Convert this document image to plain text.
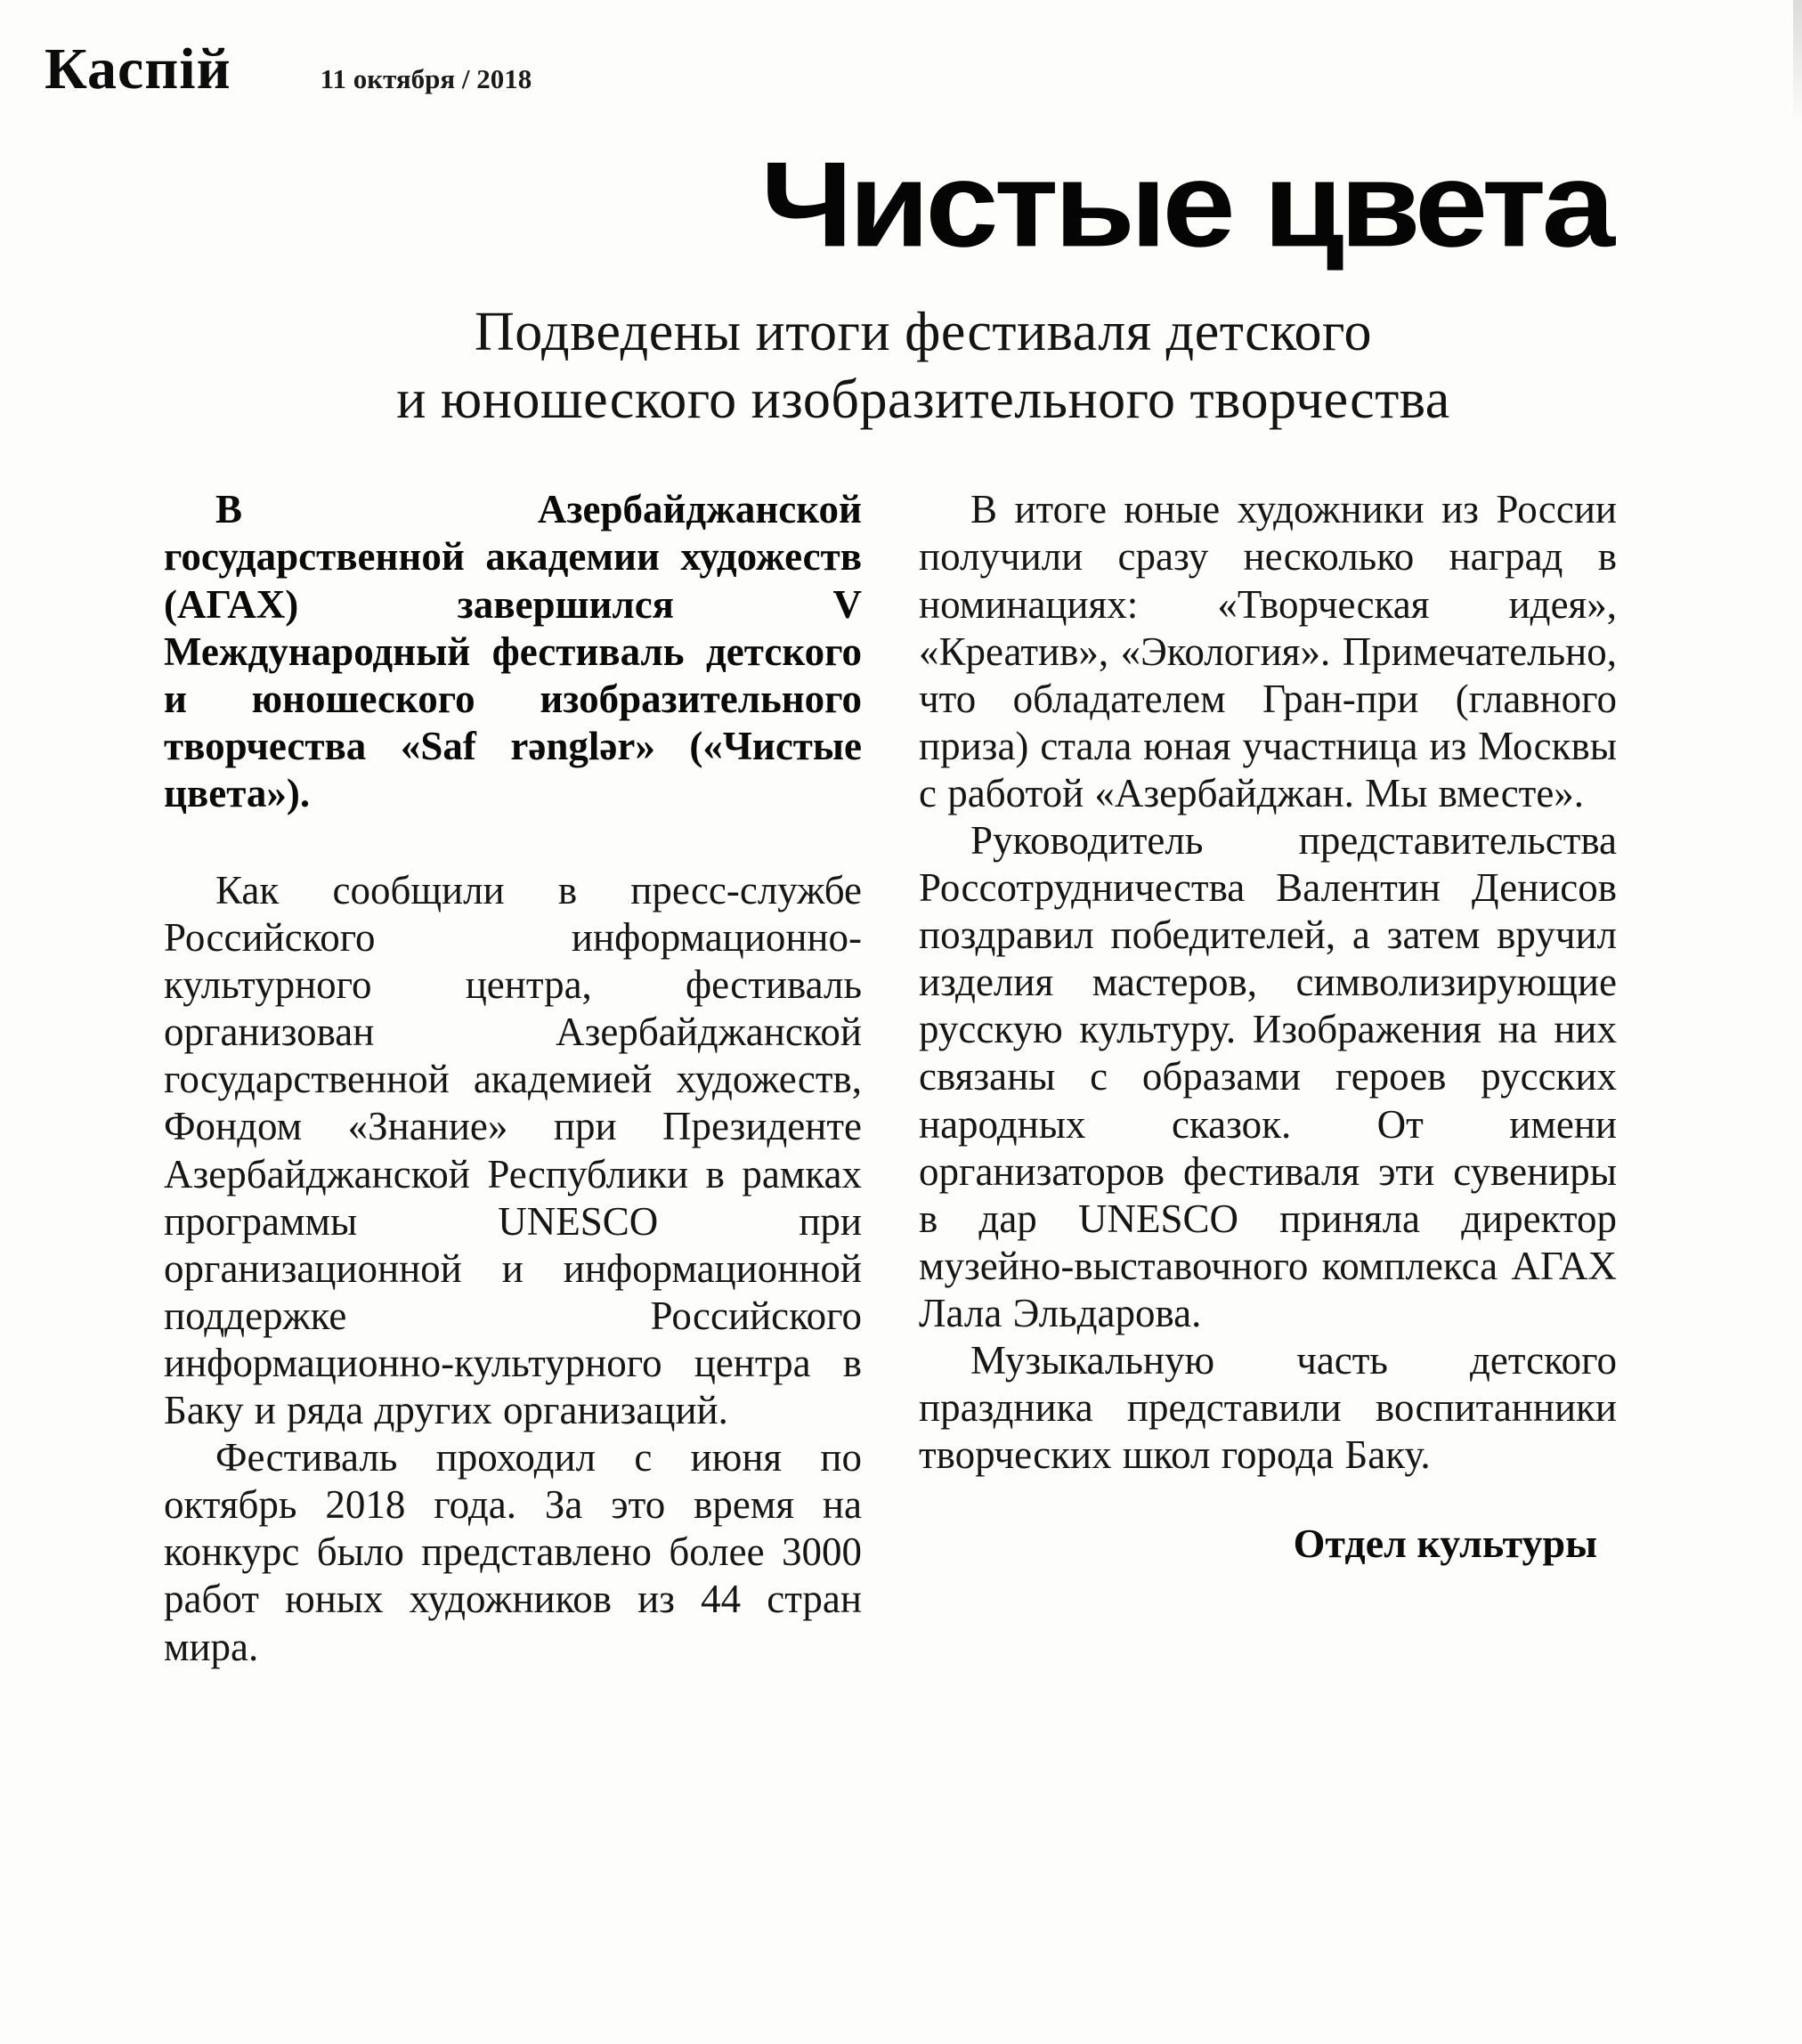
Каспій	11 октября / 2018
Чистые цвета
Подведены итоги фестиваля детского
и юношеского изобразительного творчества

В Азербайджанской государственной академии художеств (АГАХ) завершился V Международный фестиваль детского и юношеского изобразительного творчества «Saf rənglər» («Чистые цвета»).

Как сообщили в пресс-службе Российского информационно-культурного центра, фестиваль организован Азербайджанской государственной академией художеств, Фондом «Знание» при Президенте Азербайджанской Республики в рамках программы UNESCO при организационной и информационной поддержке Российского информационно-культурного центра в Баку и ряда других организаций.

Фестиваль проходил с июня по октябрь 2018 года. За это время на конкурс было представлено более 3000 работ юных художников из 44 стран мира.

В итоге юные художники из России получили сразу несколько наград в номинациях: «Творческая идея», «Креатив», «Экология». Примечательно, что обладателем Гран-при (главного приза) стала юная участница из Москвы с работой «Азербайджан. Мы вместе».

Руководитель представительства Россотрудничества Валентин Денисов поздравил победителей, а затем вручил изделия мастеров, символизирующие русскую культуру. Изображения на них связаны с образами героев русских народных сказок. От имени организаторов фестиваля эти сувениры в дар UNESCO приняла директор музейно-выставочного комплекса АГАХ Лала Эльдарова.

Музыкальную часть детского праздника представили воспитанники творческих школ города Баку.

Отдел культуры
